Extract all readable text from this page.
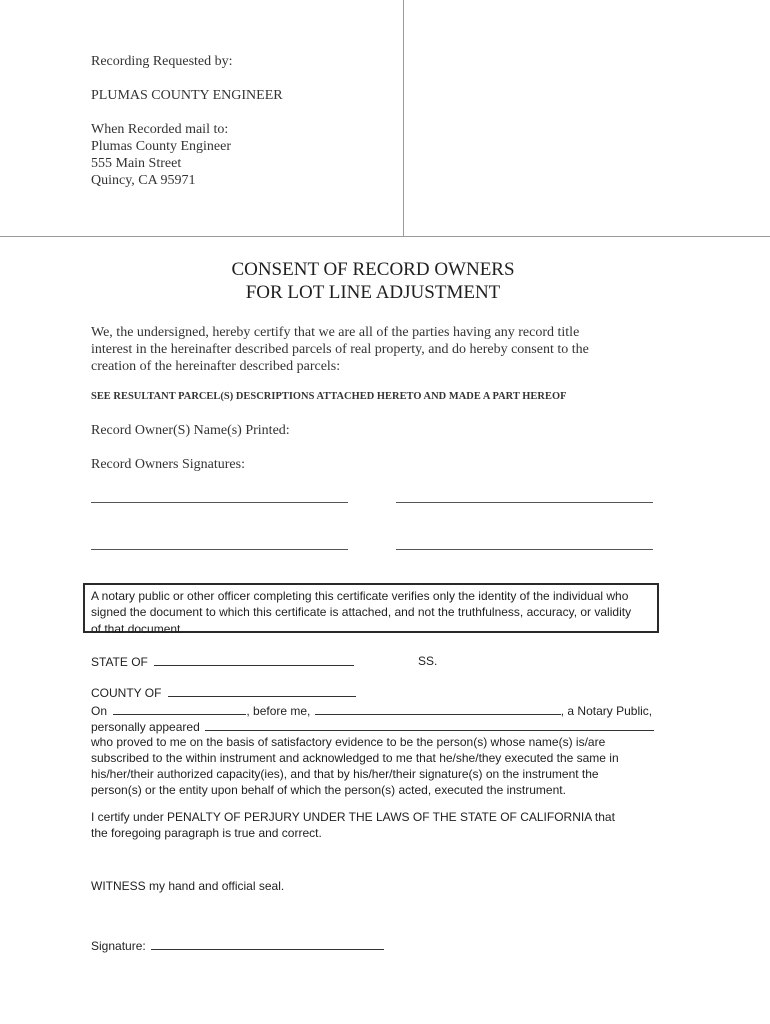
Recording Requested by:
PLUMAS COUNTY ENGINEER
When Recorded mail to:
Plumas County Engineer
555 Main Street
Quincy, CA 95971
CONSENT OF RECORD OWNERS
FOR LOT LINE ADJUSTMENT
We, the undersigned, hereby certify that we are all of the parties having any record title
interest in the hereinafter described parcels of real property, and do hereby consent to the
creation of the hereinafter described parcels:
SEE RESULTANT PARCEL(S) DESCRIPTIONS ATTACHED HERETO AND MADE A PART HEREOF
Record Owner(S) Name(s) Printed:
Record Owners Signatures:
A notary public or other officer completing this certificate verifies only the identity of the individual who
signed the document to which this certificate is attached, and not the truthfulness, accuracy, or validity
of that document.
STATE OF	SS.
COUNTY OF
On	, before me,	, a Notary Public,
personally appeared
who proved to me on the basis of satisfactory evidence to be the person(s) whose name(s) is/are
subscribed to the within instrument and acknowledged to me that he/she/they executed the same in
his/her/their authorized capacity(ies), and that by his/her/their signature(s) on the instrument the
person(s) or the entity upon behalf of which the person(s) acted, executed the instrument.
I certify under PENALTY OF PERJURY UNDER THE LAWS OF THE STATE OF CALIFORNIA that
the foregoing paragraph is true and correct.
WITNESS my hand and official seal.
Signature:
